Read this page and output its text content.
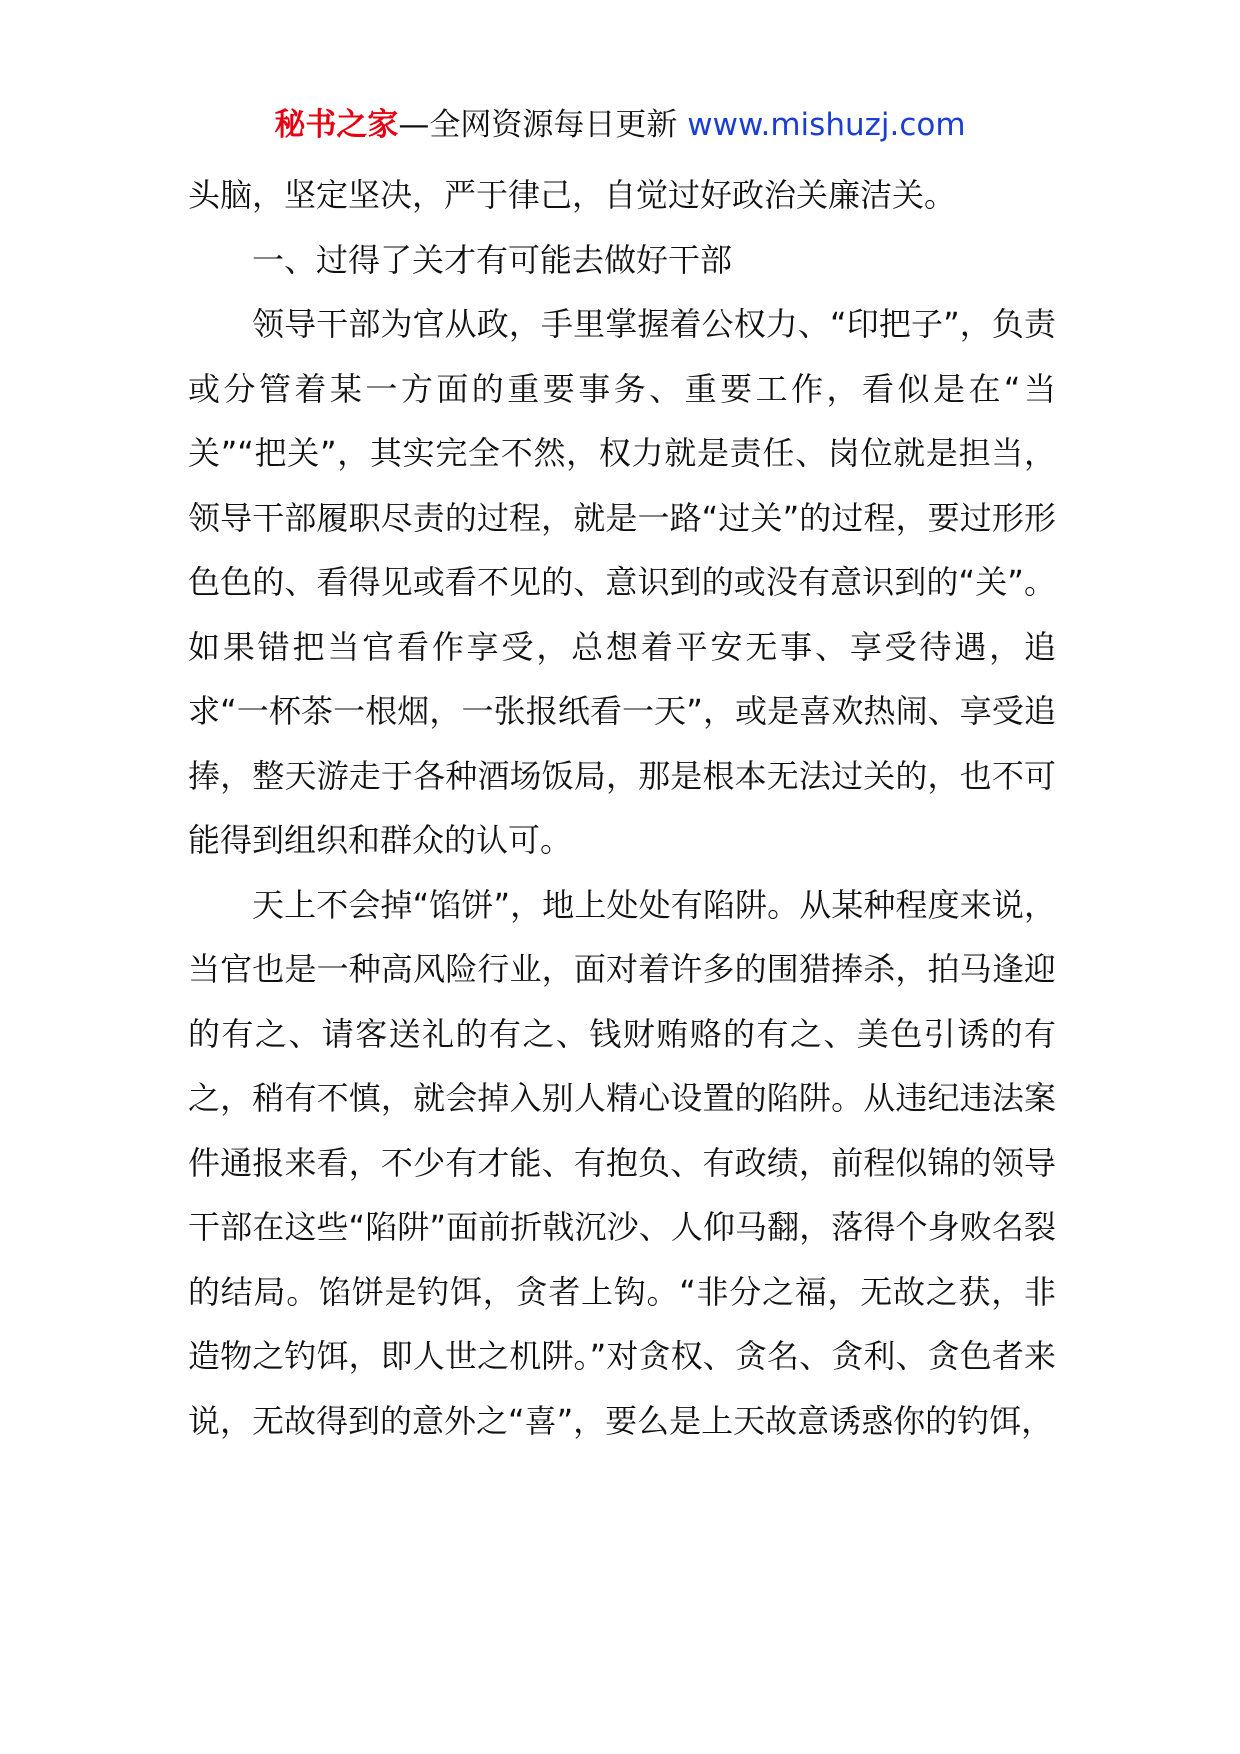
秘书之家—全网资源每日更新 www.mishuzj.com

头脑，坚定坚决，严于律己，自觉过好政治关廉洁关。

一、过得了关才有可能去做好干部

领导干部为官从政，手里掌握着公权力、“印把子”，负责或分管着某一方面的重要事务、重要工作，看似是在“当关”“把关”，其实完全不然，权力就是责任、岗位就是担当，领导干部履职尽责的过程，就是一路“过关”的过程，要过形形色色的、看得见或看不见的、意识到的或没有意识到的“关”。如果错把当官看作享受，总想着平安无事、享受待遇，追求“一杯茶一根烟，一张报纸看一天”，或是喜欢热闹、享受追捧，整天游走于各种酒场饭局，那是根本无法过关的，也不可能得到组织和群众的认可。

天上不会掉“馅饼”，地上处处有陷阱。从某种程度来说，当官也是一种高风险行业，面对着许多的围猎捧杀，拍马逢迎的有之、请客送礼的有之、钱财贿赂的有之、美色引诱的有之，稍有不慎，就会掉入别人精心设置的陷阱。从违纪违法案件通报来看，不少有才能、有抱负、有政绩，前程似锦的领导干部在这些“陷阱”面前折戟沉沙、人仰马翻，落得个身败名裂的结局。馅饼是钓饵，贪者上钩。“非分之福，无故之获，非造物之钓饵，即人世之机阱。”对贪权、贪名、贪利、贪色者来说，无故得到的意外之“喜”，要么是上天故意诱惑你的钓饵，
